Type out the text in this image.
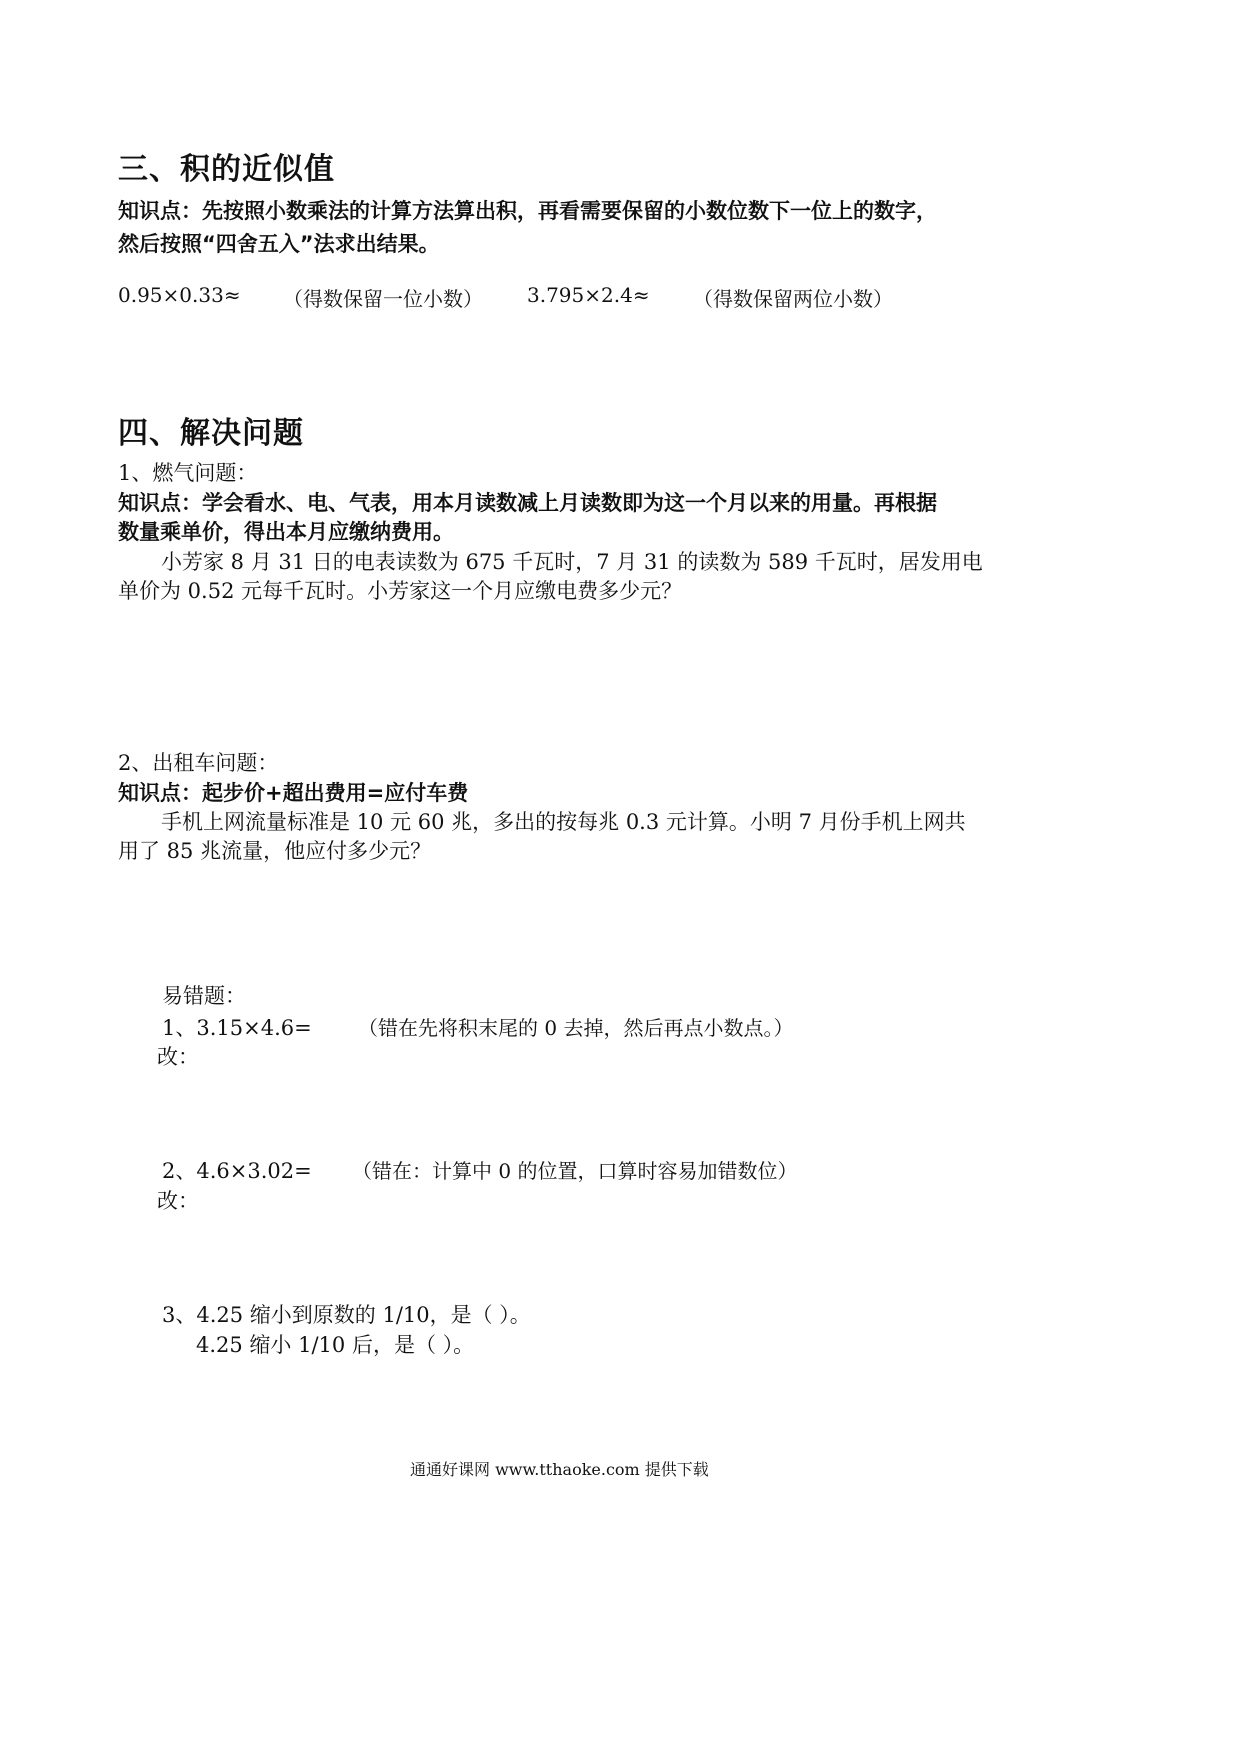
三、积的近似值
知识点：先按照小数乘法的计算方法算出积，再看需要保留的小数位数下一位上的数字，
然后按照“四舍五入”法求出结果。
0.95×0.33≈ （得数保留一位小数） 3.795×2.4≈ （得数保留两位小数）
四、解决问题
1、燃气问题：
知识点：学会看水、电、气表，用本月读数减上月读数即为这一个月以来的用量。再根据
数量乘单价，得出本月应缴纳费用。
小芳家 8 月 31 日的电表读数为 675 千瓦时，7 月 31 的读数为 589 千瓦时，居发用电
单价为 0.52 元每千瓦时。小芳家这一个月应缴电费多少元？
2、出租车问题：
知识点：起步价+超出费用=应付车费
手机上网流量标准是 10 元 60 兆，多出的按每兆 0.3 元计算。小明 7 月份手机上网共
用了 85 兆流量，他应付多少元？
易错题：
1、3.15×4.6= （错在先将积末尾的 0 去掉，然后再点小数点。）
改：
2、4.6×3.02= （错在：计算中 0 的位置，口算时容易加错数位）
改：
3、4.25 缩小到原数的 1/10，是（ ）。
4.25 缩小 1/10 后，是（ ）。
通通好课网 www.tthaoke.com 提供下载
